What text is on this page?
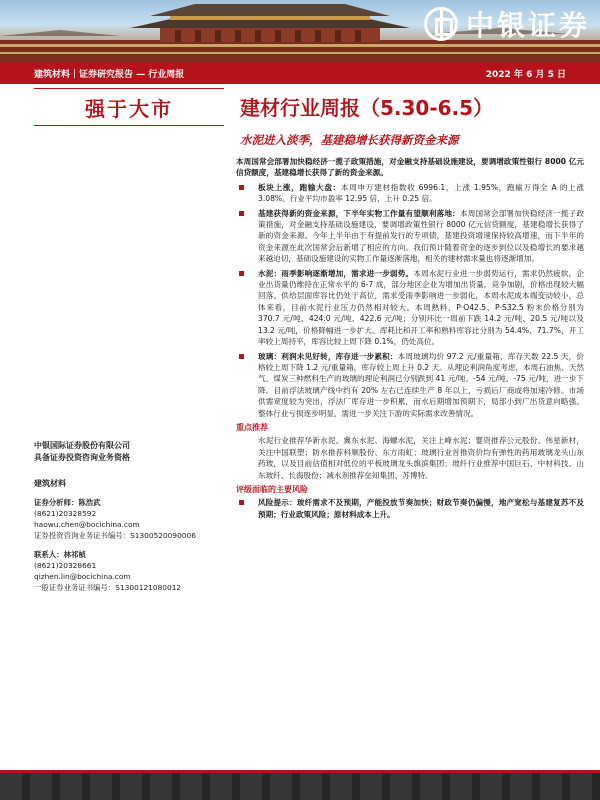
中银证券
建筑材料｜证券研究报告 — 行业周报	2022 年 6 月 5 日
强于大市	建材行业周报（5.30-6.5）
水泥进入淡季，基建稳增长获得新资金来源
中银国际证券股份有限公司
具备证券投资咨询业务资格
建筑材料
证券分析师：陈浩武
(8621)20328592
haowu.chen@bocichina.com
证券投资咨询业务证书编号：S1300520090006
联系人：林祁桢
(8621)20328661
qizhen.lin@bocichina.com
一般证券业务证书编号：S1300121080012

本周国常会部署加快稳经济一揽子政策措施，对金融支持基础设施建设，要调增政策性银行 8000 亿元信贷额度，基建稳增长获得了新的资金来源。

板块上涨，跑输大盘：本周申万建材指数收 6996.1，上涨 1.95%，跑输万得全 A 的上涨 3.08%。行业平均市盈率 12.95 倍，上升 0.25 倍。
基建获得新的资金来源，下半年实物工作量有望顺利落地：本周国常会部署加快稳经济一揽子政策措施，对金融支持基础设施建设，要调增政策性银行 8000 亿元信贷额度，基建稳增长获得了新的资金来源。今年上半年由于有提前发行的专项债，基建投资增速保持较高增速，而下半年的资金来源在此次国常会后新增了相应的方向。我们预计随着资金的逐步到位以及稳增长的要求越来越迫切，基础设施建设的实物工作量逐渐落地，相关的建材需求量也将逐渐增加。
水泥：雨季影响逐渐增加，需求进一步弱势。本周水泥行业进一步弱势运行，需求仍然疲软，企业出货量仍维持在正常水平的 6-7 成，部分地区企业为增加出货量，竞争加剧，价格出现较大幅回落。供给层面库容比仍处于高位，需求受雨季影响进一步弱化，本周水泥成本端变动较小，总体来看，目前水泥行业压力仍然相对较大。本周熟料、P·O42.5、P·S32.5 粉末价格分别为 370.7 元/吨、424.0 元/吨、422.6 元/吨；分别环比一周前下跌 14.2 元/吨、20.5 元/吨以及 13.2 元/吨，价格降幅进一步扩大。库耗比和开工率和熟料库容比分别为 54.4%、71.7%，开工率较上周持平，库容比较上周下降 0.1%，仍处高位。
玻璃：利润未见好转，库存进一步累积：本周玻璃均价 97.2 元/重量箱，库存天数 22.5 天，价格较上周下降 1.2 元/重量箱，库存较上周上升 0.2 天。从理论利润角度考虑，本周石油焦、天然气、煤炭三种燃料生产的玻璃的理论利润已分别跌到 41 元/吨、-54 元/吨、-75 元/吨，进一步下降。目前浮法玻璃产线中约有 20% 左右已连续生产 8 年以上，亏损后厂商或将加速冷修。市场供需宽度较为突出，浮法厂库存进一步积累，而水后期增加预期下，局部小到广出货意向略强。整体行业亏损逐步明显，需进一步关注下游的实际需求改善情况。
重点推荐
水泥行业推荐华新水泥、冀东水泥、海螺水泥，关注上峰水泥；婴资推荐公元股份、伟星新材，关注中国联塑；防水推荐科顺股份、东方雨虹；玻璃行业首推资价均有弹性的药用玻璃龙头山东药玻，以及目前估值相对低位的平板玻璃龙头旗滨集团；玻纤行业推荐中国巨石、中材科技、山东玻纤、长海股份；减水剂推荐垒知集团、苏博特。
评级面临的主要风险
风险提示：玻纤需求不及预期，产能投放节奏加快；财政节奏仍偏慢，地产宽松与基建复苏不及预期；行业政策风险；原材料成本上升。
